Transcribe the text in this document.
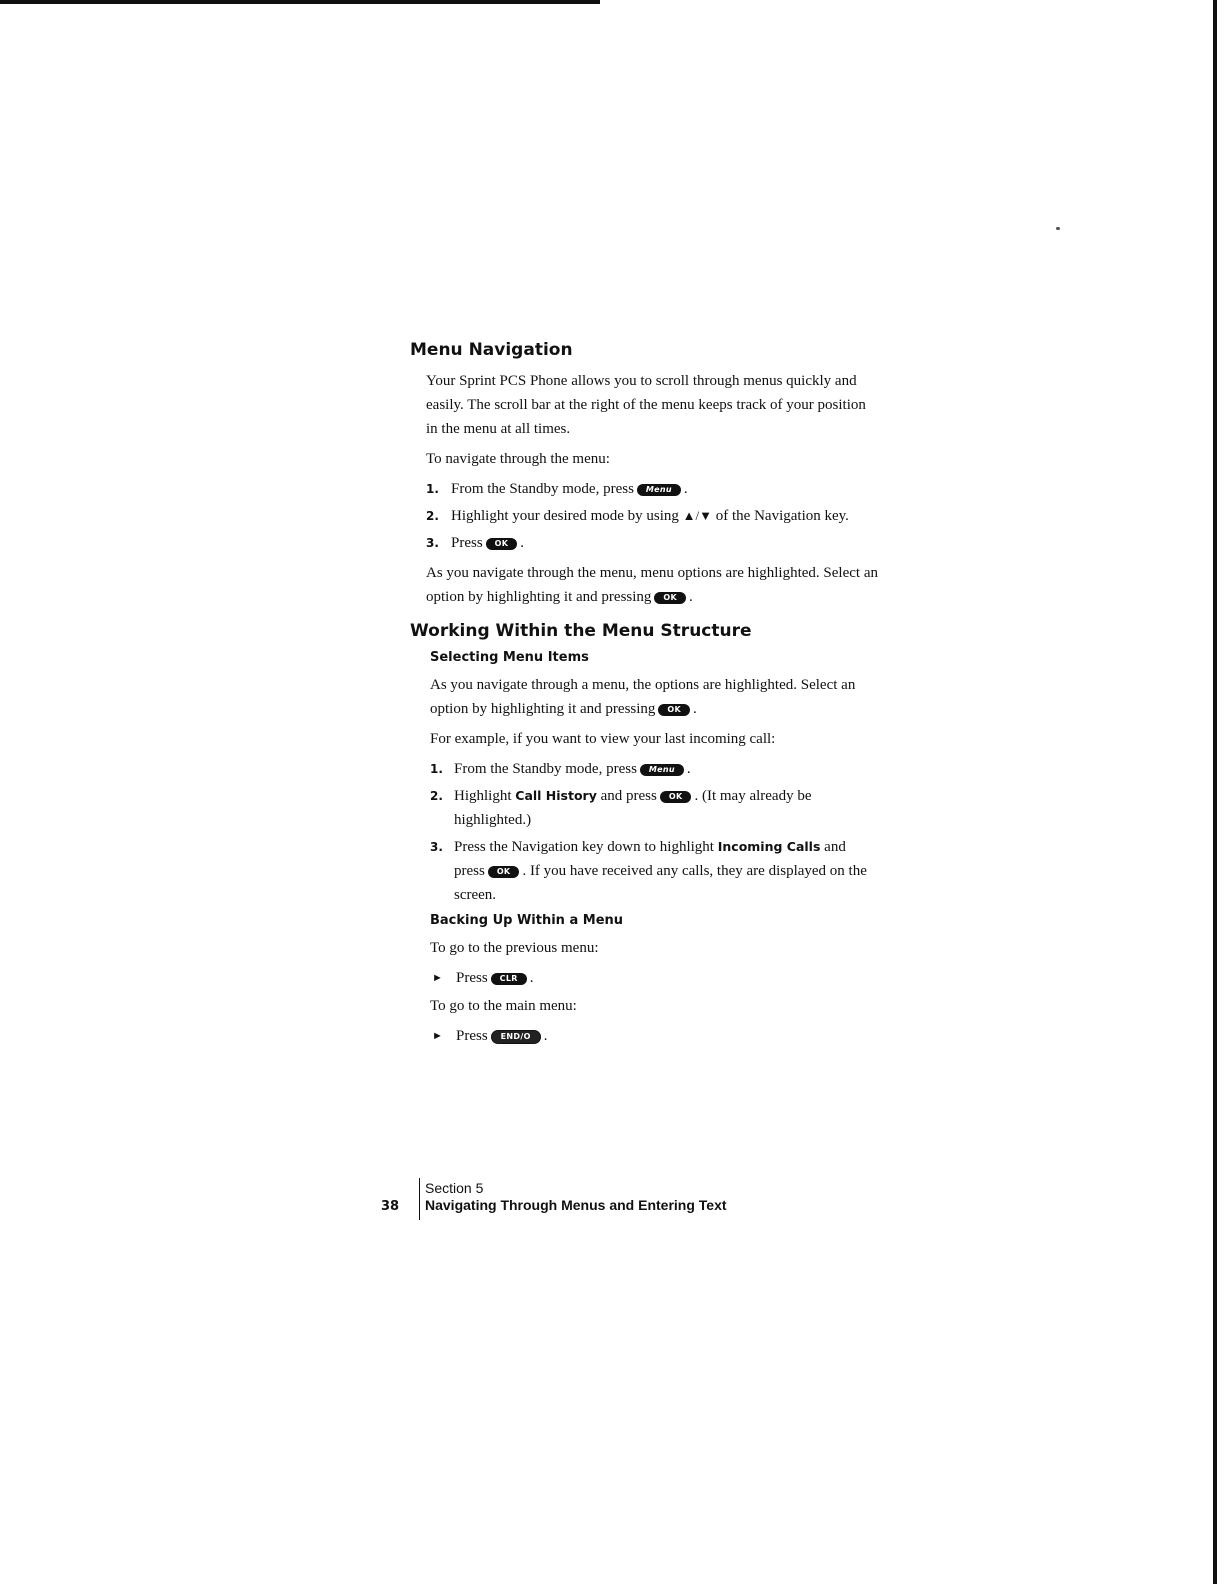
Menu Navigation

Your Sprint PCS Phone allows you to scroll through menus quickly and easily. The scroll bar at the right of the menu keeps track of your position in the menu at all times.

To navigate through the menu:

1. From the Standby mode, press Menu .
2. Highlight your desired mode by using ▲/▼ of the Navigation key.
3. Press OK .

As you navigate through the menu, menu options are highlighted. Select an option by highlighting it and pressing OK .

Working Within the Menu Structure
Selecting Menu Items

As you navigate through a menu, the options are highlighted. Select an option by highlighting it and pressing OK .

For example, if you want to view your last incoming call:

1. From the Standby mode, press Menu .
2. Highlight Call History and press OK . (It may already be highlighted.)
3. Press the Navigation key down to highlight Incoming Calls and press OK . If you have received any calls, they are displayed on the screen.
Backing Up Within a Menu

To go to the previous menu:

► Press CLR .

To go to the main menu:

► Press END/O .
38
Section 5
Navigating Through Menus and Entering Text
